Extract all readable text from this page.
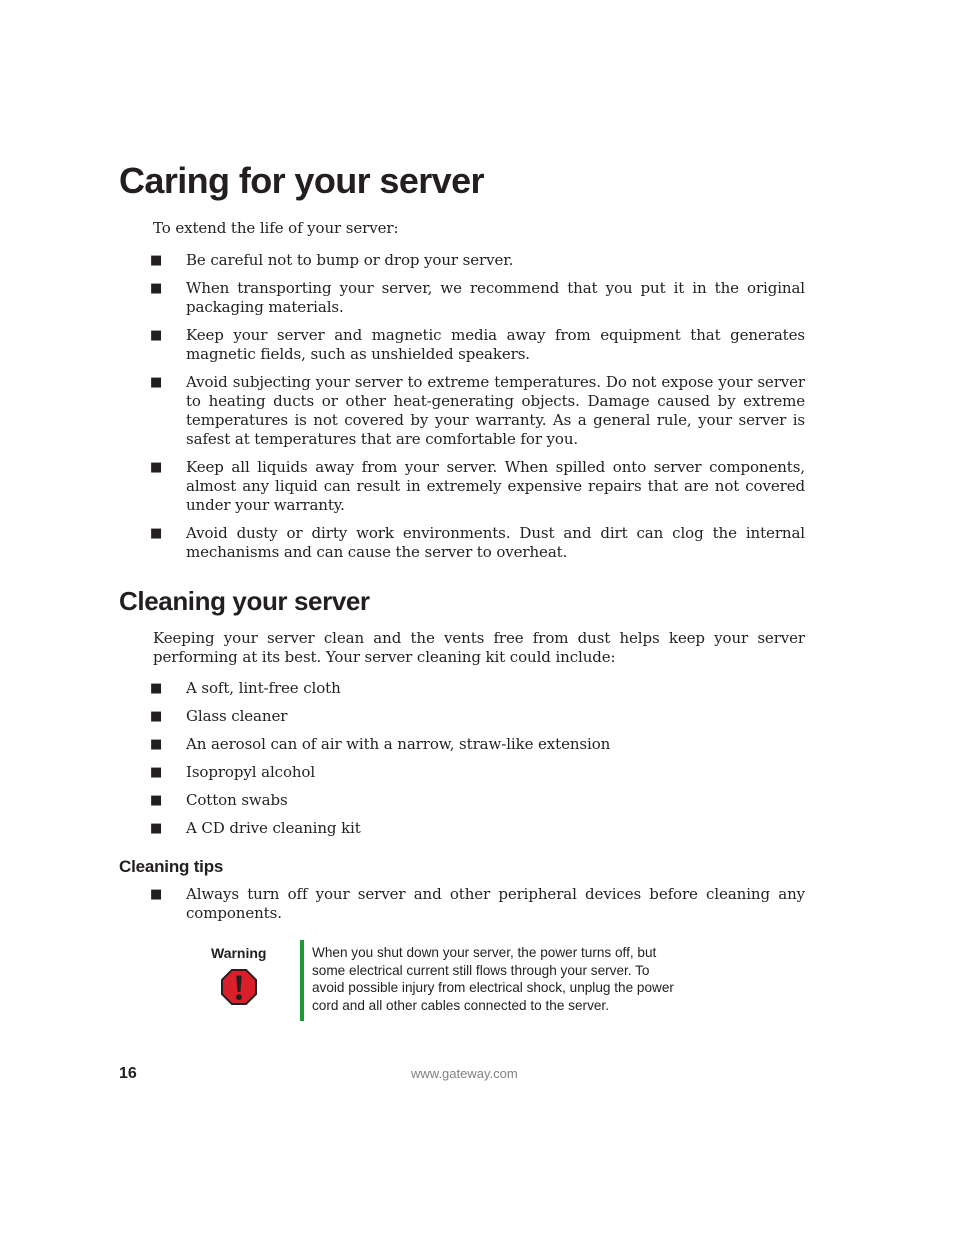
Caring for your server

To extend the life of your server:

■	Be careful not to bump or drop your server.
■	When transporting your server, we recommend that you put it in the original packaging materials.
■	Keep your server and magnetic media away from equipment that generates magnetic fields, such as unshielded speakers.
■	Avoid subjecting your server to extreme temperatures. Do not expose your server to heating ducts or other heat-generating objects. Damage caused by extreme temperatures is not covered by your warranty. As a general rule, your server is safest at temperatures that are comfortable for you.
■	Keep all liquids away from your server. When spilled onto server components, almost any liquid can result in extremely expensive repairs that are not covered under your warranty.
■	Avoid dusty or dirty work environments. Dust and dirt can clog the internal mechanisms and can cause the server to overheat.
Cleaning your server

Keeping your server clean and the vents free from dust helps keep your server performing at its best. Your server cleaning kit could include:

■	A soft, lint-free cloth
■	Glass cleaner
■	An aerosol can of air with a narrow, straw-like extension
■	Isopropyl alcohol
■	Cotton swabs
■	A CD drive cleaning kit
Cleaning tips
■	Always turn off your server and other peripheral devices before cleaning any components.
Warning	When you shut down your server, the power turns off, but some electrical current still flows through your server. To avoid possible injury from electrical shock, unplug the power cord and all other cables connected to the server.

16	www.gateway.com
